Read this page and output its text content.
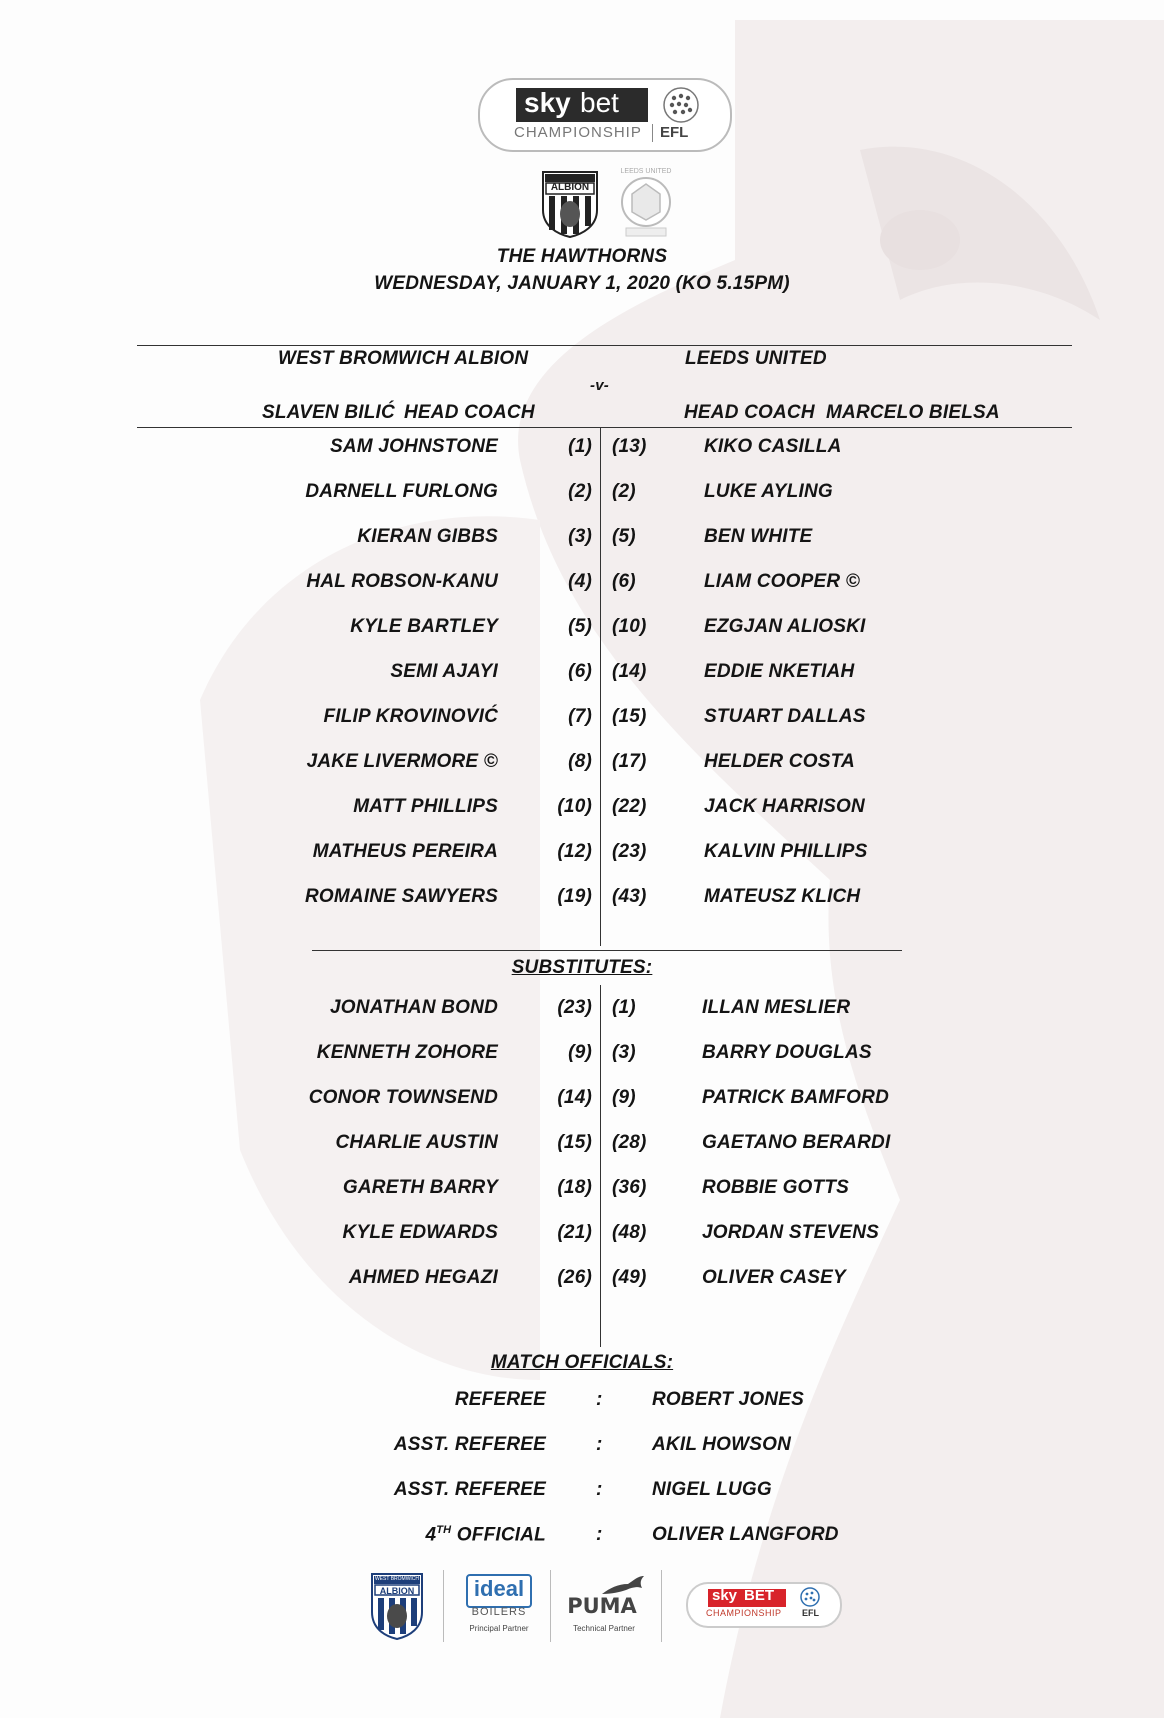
sky bet
CHAMPIONSHIP EFL
ALBION
LEEDS UNITED
THE HAWTHORNS
WEDNESDAY, JANUARY 1, 2020 (KO 5.15PM)
WEST BROMWICH ALBION	LEEDS UNITED
-v-
SLAVEN BILIĆ HEAD COACH	HEAD COACH MARCELO BIELSA
SAM JOHNSTONE	(1) (13)	KIKO CASILLA
DARNELL FURLONG	(2) (2)	LUKE AYLING
KIERAN GIBBS	(3) (5)	BEN WHITE
HAL ROBSON-KANU	(4) (6)	LIAM COOPER ©
KYLE BARTLEY	(5) (10)	EZGJAN ALIOSKI
SEMI AJAYI	(6) (14)	EDDIE NKETIAH
FILIP KROVINOVIĆ	(7) (15)	STUART DALLAS
JAKE LIVERMORE ©	(8) (17)	HELDER COSTA
MATT PHILLIPS	(10) (22)	JACK HARRISON
MATHEUS PEREIRA	(12) (23)	KALVIN PHILLIPS
ROMAINE SAWYERS	(19) (43)	MATEUSZ KLICH
SUBSTITUTES:
JONATHAN BOND	(23) (1)	ILLAN MESLIER
KENNETH ZOHORE	(9) (3)	BARRY DOUGLAS
CONOR TOWNSEND	(14) (9)	PATRICK BAMFORD
CHARLIE AUSTIN	(15) (28)	GAETANO BERARDI
GARETH BARRY	(18) (36)	ROBBIE GOTTS
KYLE EDWARDS	(21) (48)	JORDAN STEVENS
AHMED HEGAZI	(26) (49)	OLIVER CASEY
MATCH OFFICIALS:
REFEREE	:	ROBERT JONES
ASST. REFEREE	:	AKIL HOWSON
ASST. REFEREE	:	NIGEL LUGG
4TH OFFICIAL	:	OLIVER LANGFORD
WEST BROMWICH
ALBION	ideal
BOILERS
Principal Partner
PUMA
Technical Partner
sky BET
CHAMPIONSHIP EFL
